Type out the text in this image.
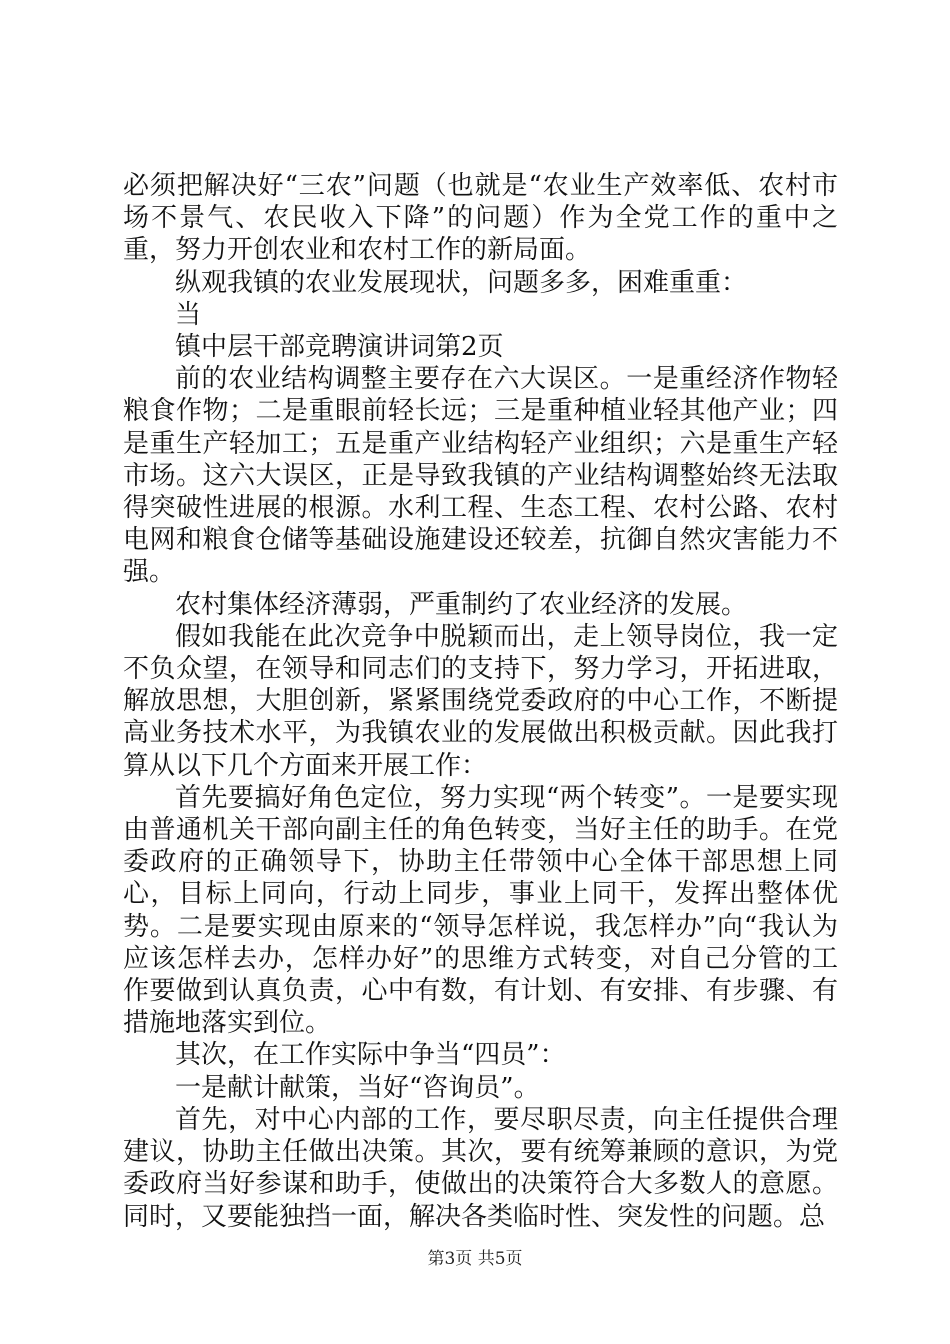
必须把解决好“三农”问题（也就是“农业生产效率低、农村市场不景气、农民收入下降”的问题）作为全党工作的重中之重，努力开创农业和农村工作的新局面。

纵观我镇的农业发展现状，问题多多，困难重重：

当

镇中层干部竞聘演讲词第2页

前的农业结构调整主要存在六大误区。一是重经济作物轻粮食作物；二是重眼前轻长远；三是重种植业轻其他产业；四是重生产轻加工；五是重产业结构轻产业组织；六是重生产轻市场。这六大误区，正是导致我镇的产业结构调整始终无法取得突破性进展的根源。水利工程、生态工程、农村公路、农村电网和粮食仓储等基础设施建设还较差，抗御自然灾害能力不强。

农村集体经济薄弱，严重制约了农业经济的发展。

假如我能在此次竞争中脱颖而出，走上领导岗位，我一定不负众望，在领导和同志们的支持下，努力学习，开拓进取，解放思想，大胆创新，紧紧围绕党委政府的中心工作，不断提高业务技术水平，为我镇农业的发展做出积极贡献。因此我打算从以下几个方面来开展工作：

首先要搞好角色定位，努力实现“两个转变”。一是要实现由普通机关干部向副主任的角色转变，当好主任的助手。在党委政府的正确领导下，协助主任带领中心全体干部思想上同心，目标上同向，行动上同步，事业上同干，发挥出整体优势。二是要实现由原来的“领导怎样说，我怎样办”向“我认为应该怎样去办，怎样办好”的思维方式转变，对自己分管的工作要做到认真负责，心中有数，有计划、有安排、有步骤、有措施地落实到位。

其次，在工作实际中争当“四员”：

一是献计献策，当好“咨询员”。

首先，对中心内部的工作，要尽职尽责，向主任提供合理建议，协助主任做出决策。其次，要有统筹兼顾的意识，为党委政府当好参谋和助手，使做出的决策符合大多数人的意愿。同时，又要能独挡一面，解决各类临时性、突发性的问题。总

第3页 共5页
